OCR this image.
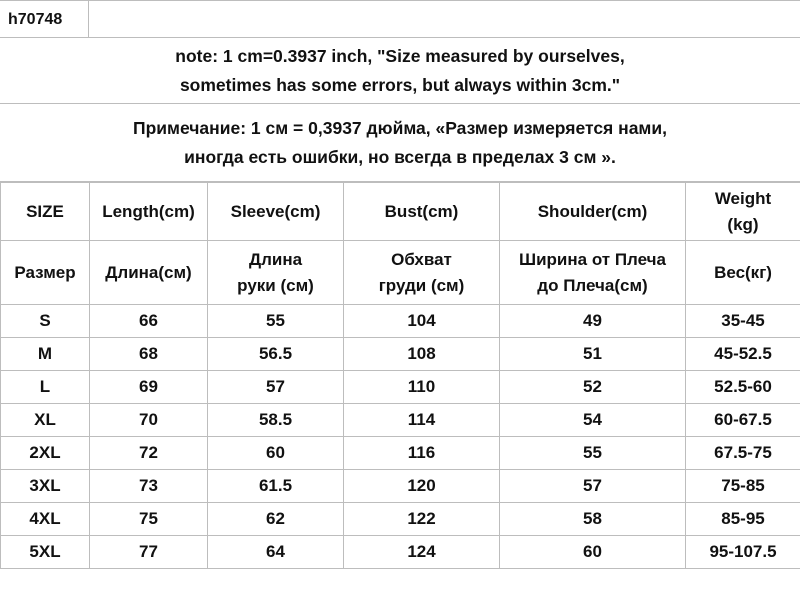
h70748
note: 1 cm=0.3937 inch, "Size measured by ourselves,
sometimes has some errors, but always within 3cm."
Примечание: 1 см = 0,3937 дюйма, «Размер измеряется нами,
иногда есть ошибки, но всегда в пределах 3 см ».
SIZE	Length(cm)	Sleeve(cm)	Bust(cm)	Shoulder(cm)	Weight (kg)
Размер	Длина(см)	Длина руки (см)	Обхват груди (см)	Ширина от Плеча до Плеча(см)	Вес(кг)
S	66	55	104	49	35-45
M	68	56.5	108	51	45-52.5
L	69	57	110	52	52.5-60
XL	70	58.5	114	54	60-67.5
2XL	72	60	116	55	67.5-75
3XL	73	61.5	120	57	75-85
4XL	75	62	122	58	85-95
5XL	77	64	124	60	95-107.5
